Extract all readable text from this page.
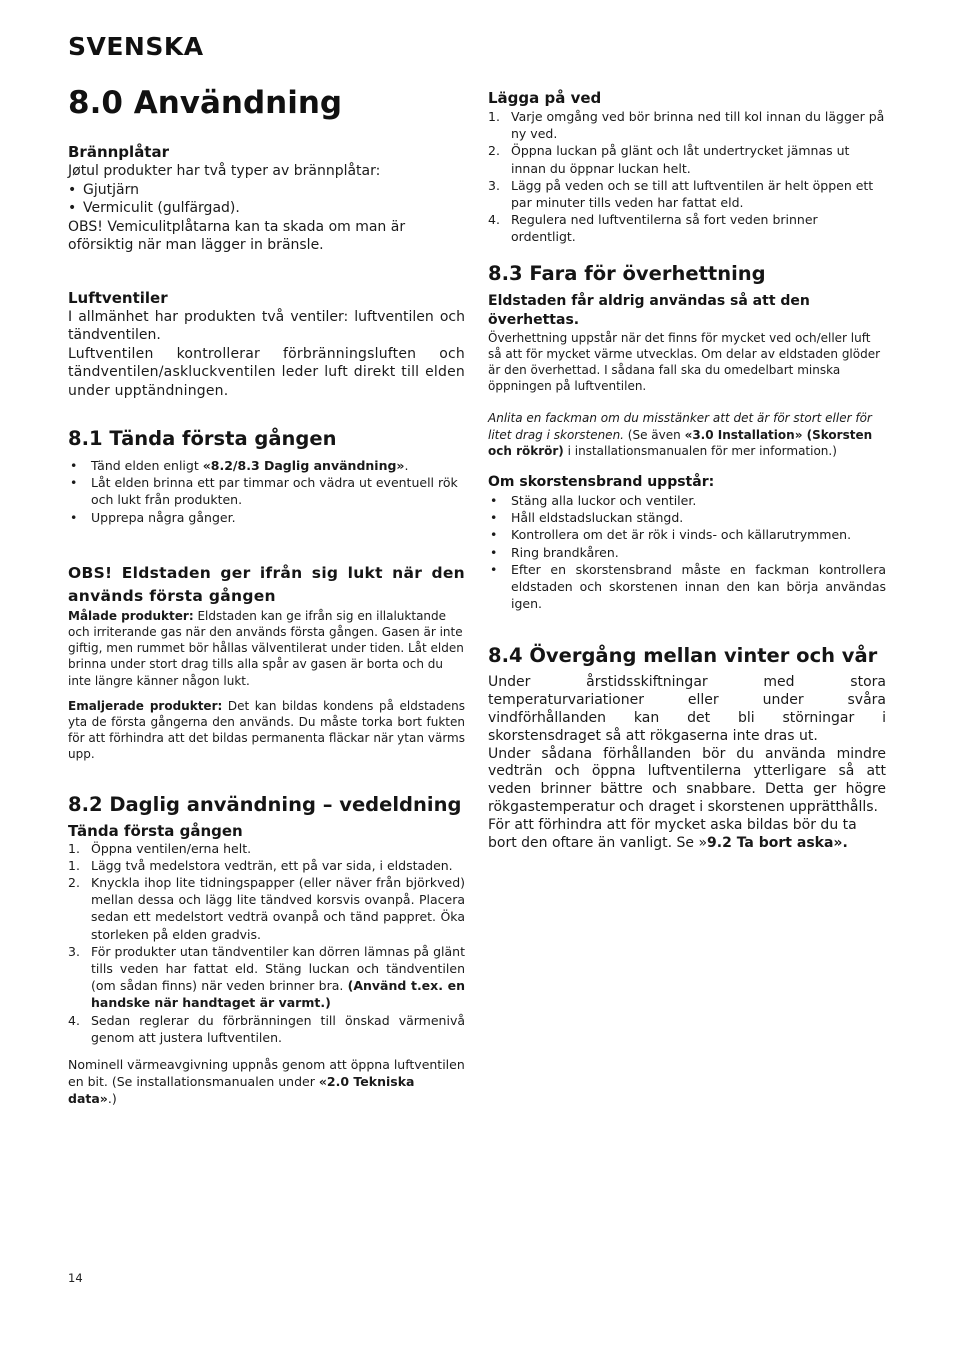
SVENSKA
8.0 Användning
Brännplåtar

Jøtul produkter har två typer av brännplåtar:

• Gjutjärn
• Vermiculit (gulfärgad).

OBS! Vemiculitplåtarna kan ta skada om man är oförsiktig när man lägger in bränsle.

Luftventiler

I allmänhet har produkten två ventiler: luftventilen och tändventilen.

Luftventilen kontrollerar förbränningsluften och tändventilen/askluckventilen leder luft direkt till elden under upptändningen.

8.1 Tända första gången
• Tänd elden enligt «8.2/8.3 Daglig användning».
• Låt elden brinna ett par timmar och vädra ut eventuell rök och lukt från produkten.
• Upprepa några gånger.
OBS! Eldstaden ger ifrån sig lukt när den används första gången

Målade produkter: Eldstaden kan ge ifrån sig en illaluktande och irriterande gas när den används första gången. Gasen är inte giftig, men rummet bör hållas välventilerat under tiden. Låt elden brinna under stort drag tills alla spår av gasen är borta och du inte längre känner någon lukt.

Emaljerade produkter: Det kan bildas kondens på eldstadens yta de första gångerna den används. Du måste torka bort fukten för att förhindra att det bildas permanenta fläckar när ytan värms upp.

8.2 Daglig användning – vedeldning
Tända första gången
1. Öppna ventilen/erna helt.
1. Lägg två medelstora vedträn, ett på var sida, i eldstaden.
2. Knyckla ihop lite tidningspapper (eller näver från björkved) mellan dessa och lägg lite tändved korsvis ovanpå. Placera sedan ett medelstort vedträ ovanpå och tänd pappret. Öka storleken på elden gradvis.
3. För produkter utan tändventiler kan dörren lämnas på glänt tills veden har fattat eld. Stäng luckan och tändventilen (om sådan finns) när veden brinner bra. (Använd t.ex. en handske när handtaget är varmt.)
4. Sedan reglerar du förbränningen till önskad värmenivå genom att justera luftventilen.

Nominell värmeavgivning uppnås genom att öppna luftventilen en bit. (Se installationsmanualen under «2.0 Tekniska data».)

Lägga på ved
1. Varje omgång ved bör brinna ned till kol innan du lägger på ny ved.
2. Öppna luckan på glänt och låt undertrycket jämnas ut innan du öppnar luckan helt.
3. Lägg på veden och se till att luftventilen är helt öppen ett par minuter tills veden har fattat eld.
4. Regulera ned luftventilerna så fort veden brinner ordentligt.
8.3 Fara för överhettning
Eldstaden får aldrig användas så att den överhettas.

Överhettning uppstår när det finns för mycket ved och/eller luft så att för mycket värme utvecklas. Om delar av eldstaden glöder är den överhettad. I sådana fall ska du omedelbart minska öppningen på luftventilen.

Anlita en fackman om du misstänker att det är för stort eller för litet drag i skorstenen. (Se även «3.0 Installation» (Skorsten och rökrör) i installationsmanualen för mer information.)

Om skorstensbrand uppstår:
• Stäng alla luckor och ventiler.
• Håll eldstadsluckan stängd.
• Kontrollera om det är rök i vinds- och källarutrymmen.
• Ring brandkåren.
• Efter en skorstensbrand måste en fackman kontrollera eldstaden och skorstenen innan den kan börja användas igen.
8.4 Övergång mellan vinter och vår

Under årstidsskiftningar med stora temperaturvariationer eller under svåra vindförhållanden kan det bli störningar i skorstensdraget så att rökgaserna inte dras ut.

Under sådana förhållanden bör du använda mindre vedträn och öppna luftventilerna ytterligare så att veden brinner bättre och snabbare. Detta ger högre rökgastemperatur och draget i skorstenen upprätthålls.

För att förhindra att för mycket aska bildas bör du ta bort den oftare än vanligt. Se »9.2 Ta bort aska».

14
